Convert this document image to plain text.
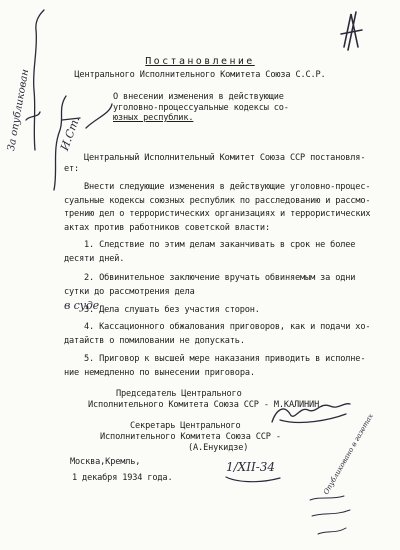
Постановление
Центрального Исполнительного Комитета Союза С.С.Р.
О внесении изменения в действующие
уголовно-процессуальные кодексы со-
юзных республик.
Центральный Исполнительный Комитет Союза ССР постановля-
ет:
Внести следующие изменения в действующие уголовно-процес-
суальные кодексы союзных республик по расследованию и рассмо-
трению дел о террористических организациях и террористических
актах против работников советской власти:
1. Следствие по этим делам заканчивать в срок не более
десяти дней.
2. Обвинительное заключение вручать обвиняемым за одни
сутки до рассмотрения дела
в суде
3. Дела слушать без участия сторон.
4. Кассационного обжалования приговоров, как и подачи хо-
датайств о помиловании не допускать.
5. Приговор к высшей мере наказания приводить в исполне-
ние немедленно по вынесении приговора.
Председатель Центрального
Исполнительного Комитета Союза ССР - М.КАЛИНИН.
Секретарь Центрального
Исполнительного Комитета Союза ССР -
(А.Енукидзе)
Москва,Кремль,
1 декабря 1934 года.
1/XII-34
За опубликован И.Ст.
Опубликовано в газетах
